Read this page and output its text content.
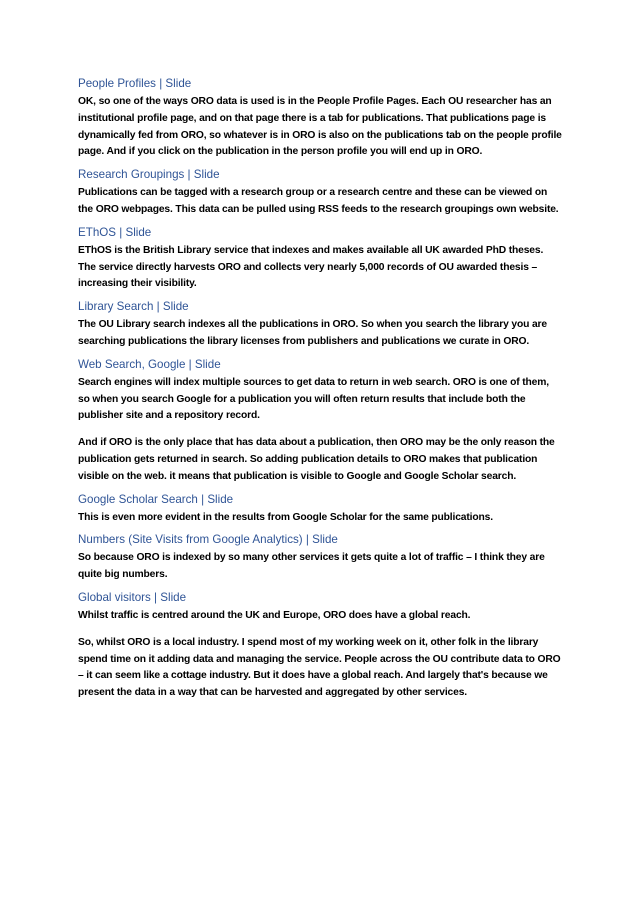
People Profiles | Slide

OK, so one of the ways ORO data is used is in the People Profile Pages. Each OU researcher has an institutional profile page, and on that page there is a tab for publications. That publications page is dynamically fed from ORO, so whatever is in ORO is also on the publications tab on the people profile page. And if you click on the publication in the person profile you will end up in ORO.

Research Groupings | Slide

Publications can be tagged with a research group or a research centre and these can be viewed on the ORO webpages. This data can be pulled using RSS feeds to the research groupings own website.

EThOS | Slide

EThOS is the British Library service that indexes and makes available all UK awarded PhD theses. The service directly harvests ORO and collects very nearly 5,000 records of OU awarded thesis – increasing their visibility.

Library Search | Slide

The OU Library search indexes all the publications in ORO. So when you search the library you are searching publications the library licenses from publishers and publications we curate in ORO.

Web Search, Google | Slide

Search engines will index multiple sources to get data to return in web search. ORO is one of them, so when you search Google for a publication you will often return results that include both the publisher site and a repository record.

And if ORO is the only place that has data about a publication, then ORO may be the only reason the publication gets returned in search. So adding publication details to ORO makes that publication visible on the web. it means that publication is visible to Google and Google Scholar search.

Google Scholar Search | Slide

This is even more evident in the results from Google Scholar for the same publications.

Numbers (Site Visits from Google Analytics) | Slide

So because ORO is indexed by so many other services it gets quite a lot of traffic – I think they are quite big numbers.

Global visitors | Slide

Whilst traffic is centred around the UK and Europe, ORO does have a global reach.

So, whilst ORO is a local industry. I spend most of my working week on it, other folk in the library spend time on it adding data and managing the service. People across the OU contribute data to ORO – it can seem like a cottage industry. But it does have a global reach. And largely that's because we present the data in a way that can be harvested and aggregated by other services.
